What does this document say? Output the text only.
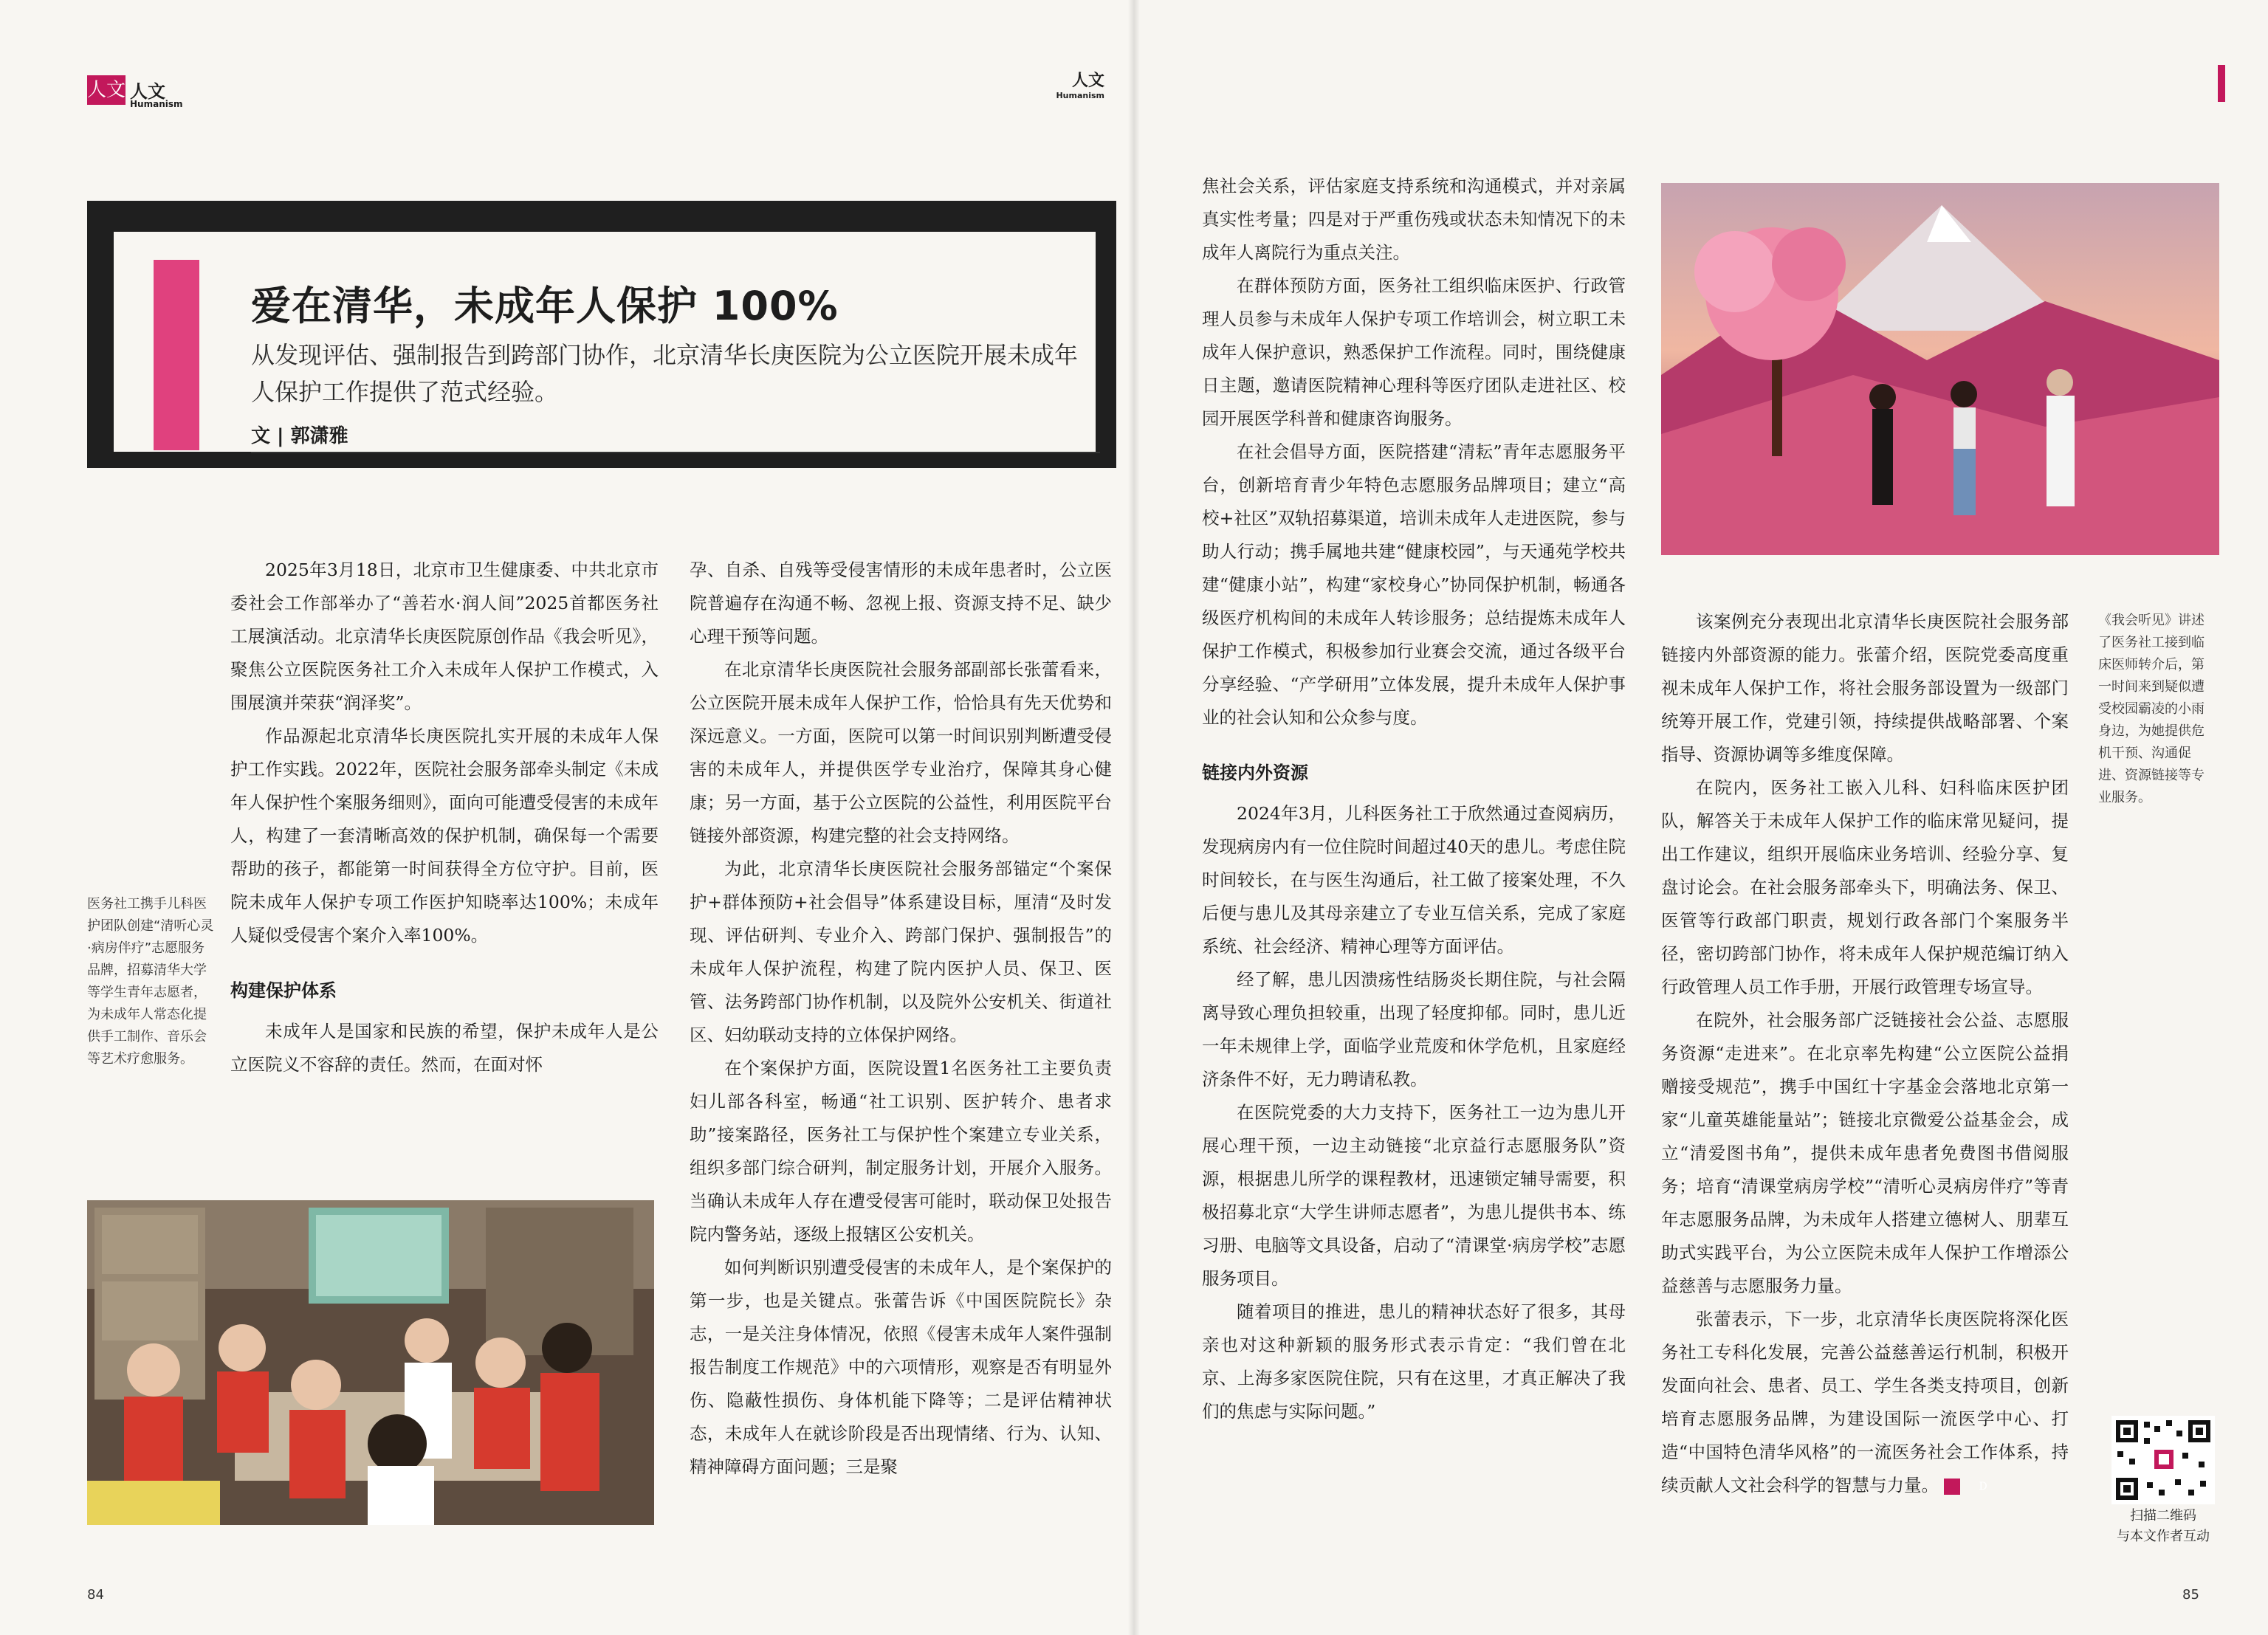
人文 人文
Humanism
人文
Humanism
爱在清华，未成年人保护 100%
从发现评估、强制报告到跨部门协作，北京清华长庚医院为公立医院开展未成年人保护工作提供了范式经验。
文 | 郭潇雅

2025年3月18日，北京市卫生健康委、中共北京市委社会工作部举办了“善若水·润人间”2025首都医务社工展演活动。北京清华长庚医院原创作品《我会听见》，聚焦公立医院医务社工介入未成年人保护工作模式，入围展演并荣获“润泽奖”。

作品源起北京清华长庚医院扎实开展的未成年人保护工作实践。2022年，医院社会服务部牵头制定《未成年人保护性个案服务细则》，面向可能遭受侵害的未成年人，构建了一套清晰高效的保护机制，确保每一个需要帮助的孩子，都能第一时间获得全方位守护。目前，医院未成年人保护专项工作医护知晓率达100%；未成年人疑似受侵害个案介入率100%。

构建保护体系

未成年人是国家和民族的希望，保护未成年人是公立医院义不容辞的责任。然而，在面对怀

孕、自杀、自残等受侵害情形的未成年患者时，公立医院普遍存在沟通不畅、忽视上报、资源支持不足、缺少心理干预等问题。

在北京清华长庚医院社会服务部副部长张蕾看来，公立医院开展未成年人保护工作，恰恰具有先天优势和深远意义。一方面，医院可以第一时间识别判断遭受侵害的未成年人，并提供医学专业治疗，保障其身心健康；另一方面，基于公立医院的公益性，利用医院平台链接外部资源，构建完整的社会支持网络。

为此，北京清华长庚医院社会服务部锚定“个案保护+群体预防+社会倡导”体系建设目标，厘清“及时发现、评估研判、专业介入、跨部门保护、强制报告”的未成年人保护流程，构建了院内医护人员、保卫、医管、法务跨部门协作机制，以及院外公安机关、街道社区、妇幼联动支持的立体保护网络。

在个案保护方面，医院设置1名医务社工主要负责妇儿部各科室，畅通“社工识别、医护转介、患者求助”接案路径，医务社工与保护性个案建立专业关系，组织多部门综合研判，制定服务计划，开展介入服务。当确认未成年人存在遭受侵害可能时，联动保卫处报告院内警务站，逐级上报辖区公安机关。

如何判断识别遭受侵害的未成年人，是个案保护的第一步，也是关键点。张蕾告诉《中国医院院长》杂志，一是关注身体情况，依照《侵害未成年人案件强制报告制度工作规范》中的六项情形，观察是否有明显外伤、隐蔽性损伤、身体机能下降等；二是评估精神状态，未成年人在就诊阶段是否出现情绪、行为、认知、精神障碍方面问题；三是聚

焦社会关系，评估家庭支持系统和沟通模式，并对亲属真实性考量；四是对于严重伤残或状态未知情况下的未成年人离院行为重点关注。

在群体预防方面，医务社工组织临床医护、行政管理人员参与未成年人保护专项工作培训会，树立职工未成年人保护意识，熟悉保护工作流程。同时，围绕健康日主题，邀请医院精神心理科等医疗团队走进社区、校园开展医学科普和健康咨询服务。

在社会倡导方面，医院搭建“清耘”青年志愿服务平台，创新培育青少年特色志愿服务品牌项目；建立“高校+社区”双轨招募渠道，培训未成年人走进医院，参与助人行动；携手属地共建“健康校园”，与天通苑学校共建“健康小站”，构建“家校身心”协同保护机制，畅通各级医疗机构间的未成年人转诊服务；总结提炼未成年人保护工作模式，积极参加行业赛会交流，通过各级平台分享经验、“产学研用”立体发展，提升未成年人保护事业的社会认知和公众参与度。

链接内外资源

2024年3月，儿科医务社工于欣然通过查阅病历，发现病房内有一位住院时间超过40天的患儿。考虑住院时间较长，在与医生沟通后，社工做了接案处理，不久后便与患儿及其母亲建立了专业互信关系，完成了家庭系统、社会经济、精神心理等方面评估。

经了解，患儿因溃疡性结肠炎长期住院，与社会隔离导致心理负担较重，出现了轻度抑郁。同时，患儿近一年未规律上学，面临学业荒废和休学危机，且家庭经济条件不好，无力聘请私教。

在医院党委的大力支持下，医务社工一边为患儿开展心理干预，一边主动链接“北京益行志愿服务队”资源，根据患儿所学的课程教材，迅速锁定辅导需要，积极招募北京“大学生讲师志愿者”，为患儿提供书本、练习册、电脑等文具设备，启动了“清课堂·病房学校”志愿服务项目。

随着项目的推进，患儿的精神状态好了很多，其母亲也对这种新颖的服务形式表示肯定：“我们曾在北京、上海多家医院住院，只有在这里，才真正解决了我们的焦虑与实际问题。”

该案例充分表现出北京清华长庚医院社会服务部链接内外部资源的能力。张蕾介绍，医院党委高度重视未成年人保护工作，将社会服务部设置为一级部门统筹开展工作，党建引领，持续提供战略部署、个案指导、资源协调等多维度保障。

在院内，医务社工嵌入儿科、妇科临床医护团队，解答关于未成年人保护工作的临床常见疑问，提出工作建议，组织开展临床业务培训、经验分享、复盘讨论会。在社会服务部牵头下，明确法务、保卫、医管等行政部门职责，规划行政各部门个案服务半径，密切跨部门协作，将未成年人保护规范编订纳入行政管理人员工作手册，开展行政管理专场宣导。

在院外，社会服务部广泛链接社会公益、志愿服务资源“走进来”。在北京率先构建“公立医院公益捐赠接受规范”，携手中国红十字基金会落地北京第一家“儿童英雄能量站”；链接北京微爱公益基金会，成立“清爱图书角”，提供未成年患者免费图书借阅服务；培育“清课堂病房学校”“清听心灵病房伴疗”等青年志愿服务品牌，为未成年人搭建立德树人、朋辈互助式实践平台，为公立医院未成年人保护工作增添公益慈善与志愿服务力量。

张蕾表示，下一步，北京清华长庚医院将深化医务社工专科化发展，完善公益慈善运行机制，积极开发面向社会、患者、员工、学生各类支持项目，创新培育志愿服务品牌，为建设国际一流医学中心、打造“中国特色清华风格”的一流医务社会工作体系，持续贡献人文社会科学的智慧与力量。	D

医务社工携手儿科医护团队创建“清听心灵·病房伴疗”志愿服务品牌，招募清华大学等学生青年志愿者，为未成年人常态化提供手工制作、音乐会等艺术疗愈服务。
《我会听见》讲述了医务社工接到临床医师转介后，第一时间来到疑似遭受校园霸凌的小雨身边，为她提供危机干预、沟通促进、资源链接等专业服务。
扫描二维码
与本文作者互动
84	85
